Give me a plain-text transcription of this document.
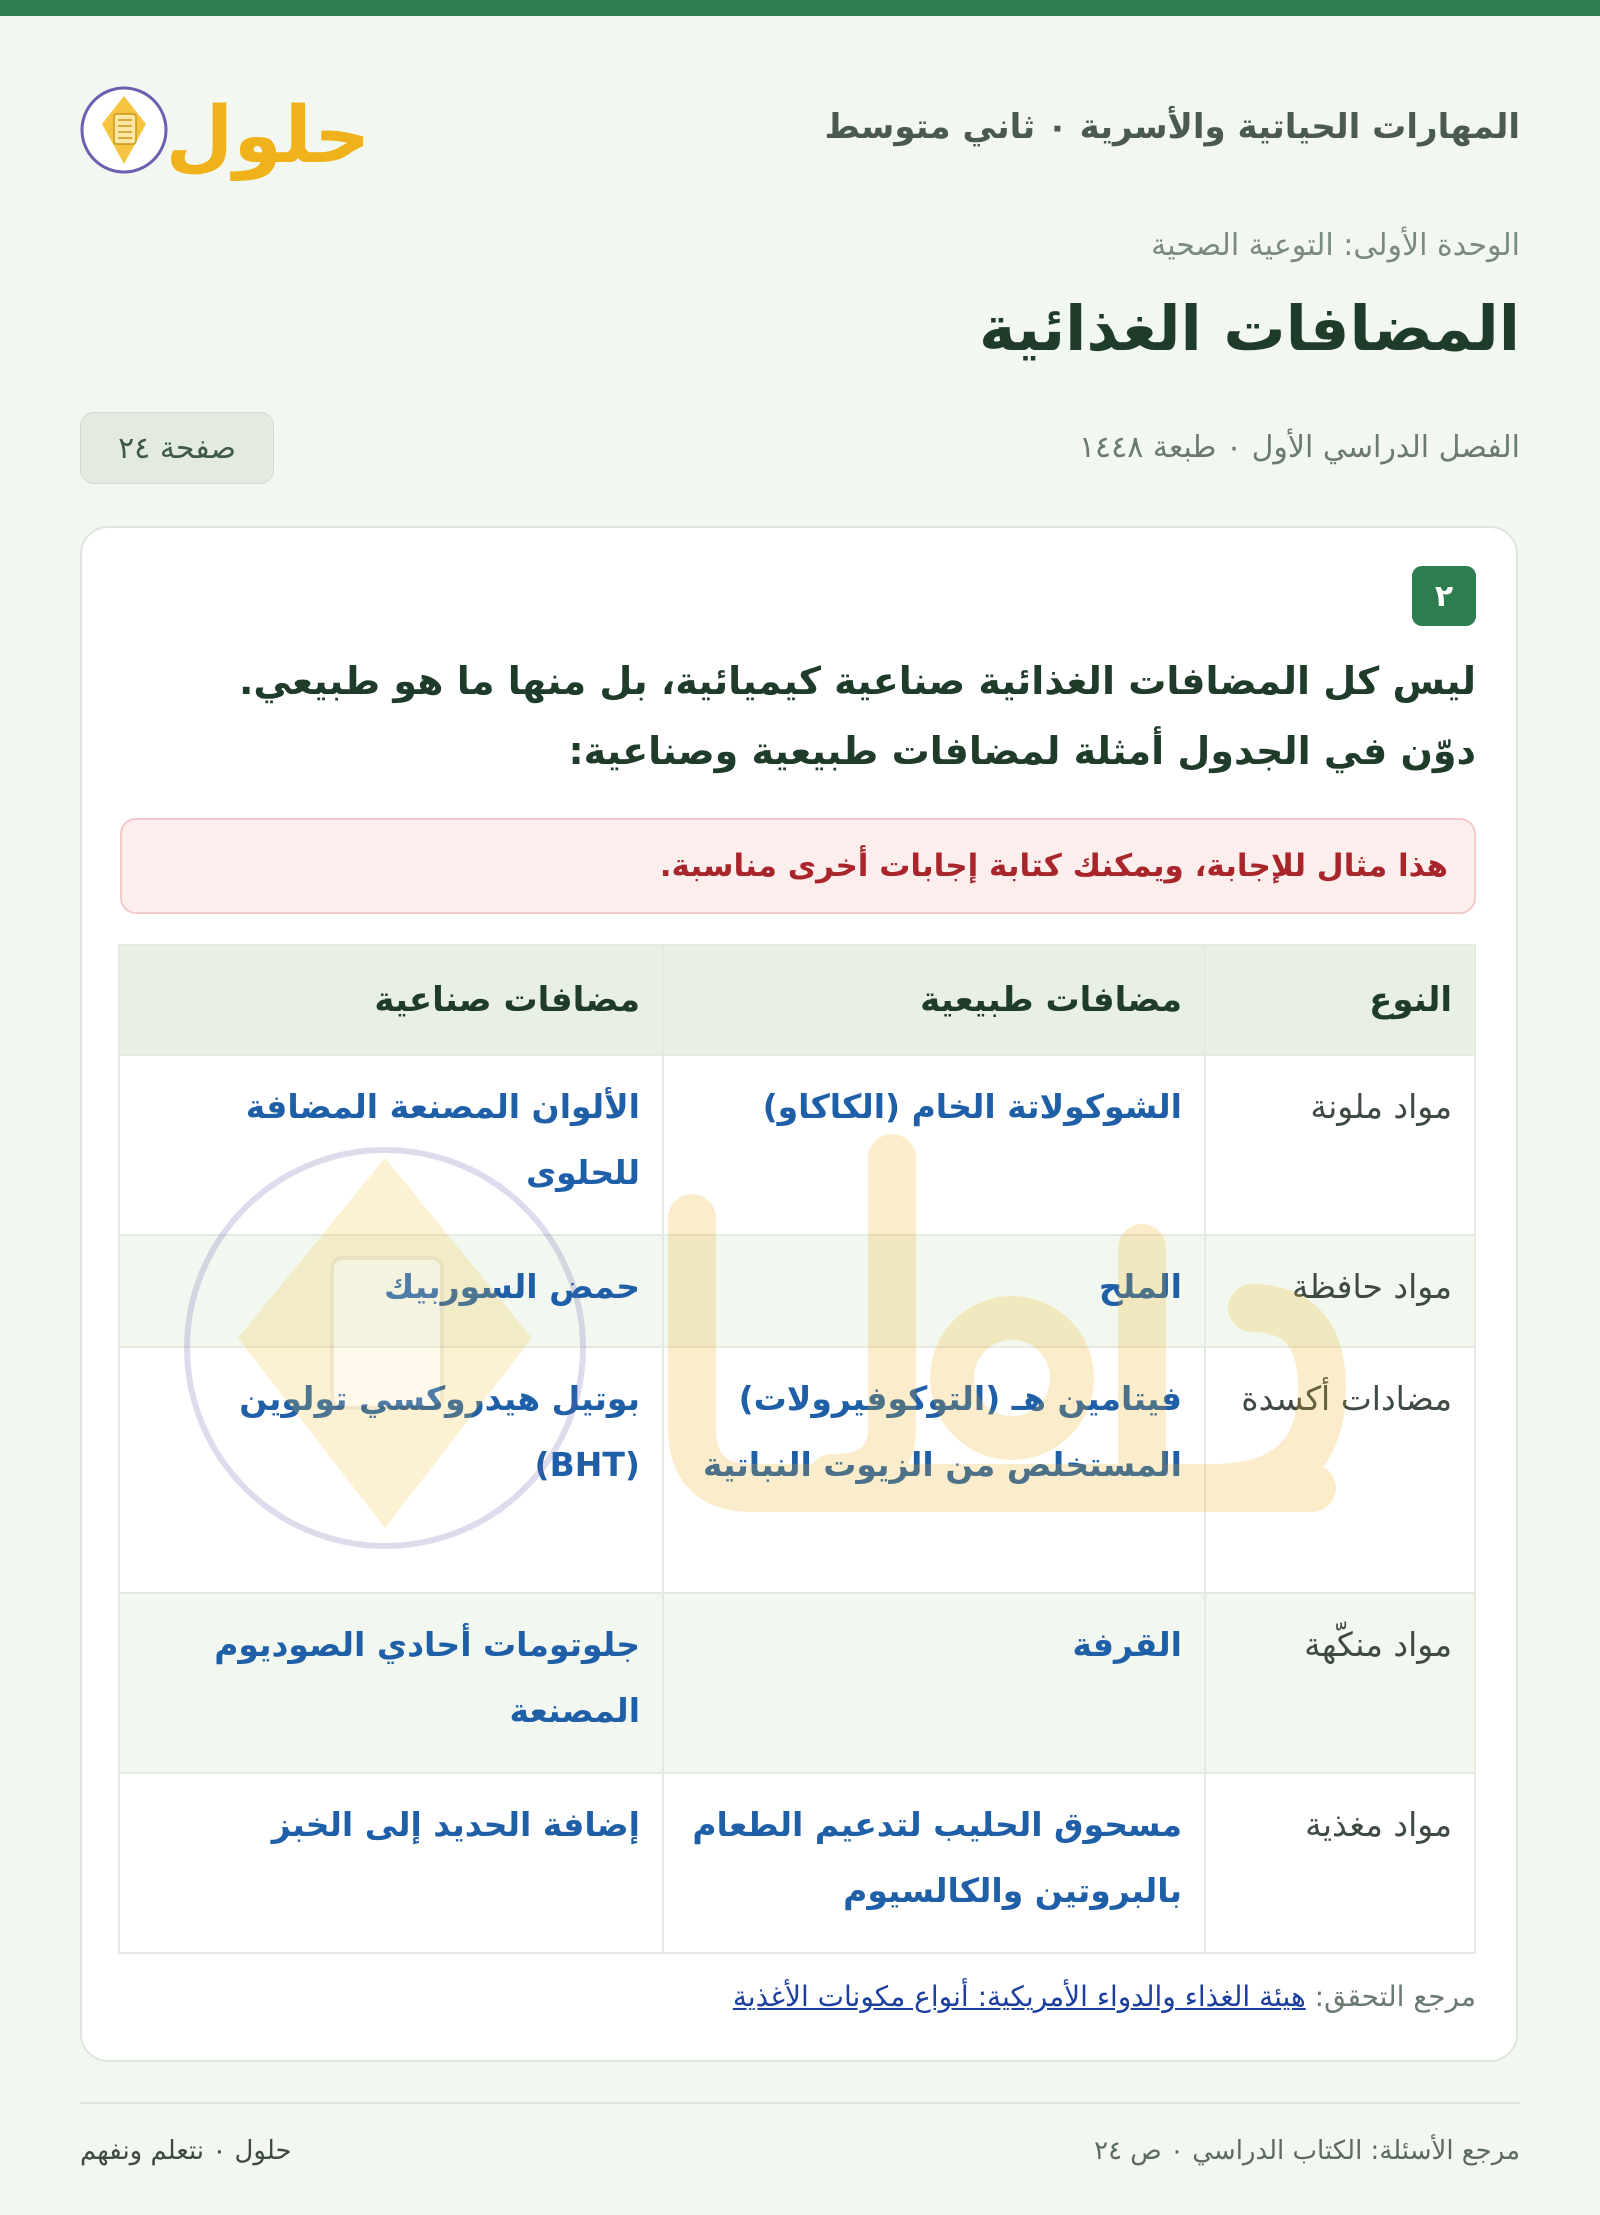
المهارات الحياتية والأسرية ٠ ثاني متوسط
حلول
الوحدة الأولى: التوعية الصحية
المضافات الغذائية
الفصل الدراسي الأول ٠ طبعة ١٤٤٨
صفحة ٢٤
٢
ليس كل المضافات الغذائية صناعية كيميائية، بل منها ما هو طبيعي.
دوّن في الجدول أمثلة لمضافات طبيعية وصناعية:
هذا مثال للإجابة، ويمكنك كتابة إجابات أخرى مناسبة.
النوع	مضافات طبيعية	مضافات صناعية
مواد ملونة	الشوكولاتة الخام (الكاكاو)	الألوان المصنعة المضافة للحلوى
مواد حافظة	الملح	حمض السوربيك
مضادات أكسدة	فيتامين هـ (التوكوفيرولات) المستخلص من الزيوت النباتية	بوتيل هيدروكسي تولوين (BHT)
مواد منكّهة	القرفة	جلوتومات أحادي الصوديوم المصنعة
مواد مغذية	مسحوق الحليب لتدعيم الطعام بالبروتين والكالسيوم	إضافة الحديد إلى الخبز
مرجع التحقق: هيئة الغذاء والدواء الأمريكية: أنواع مكونات الأغذية
مرجع الأسئلة: الكتاب الدراسي ٠ ص ٢٤
حلول ٠ نتعلم ونفهم
